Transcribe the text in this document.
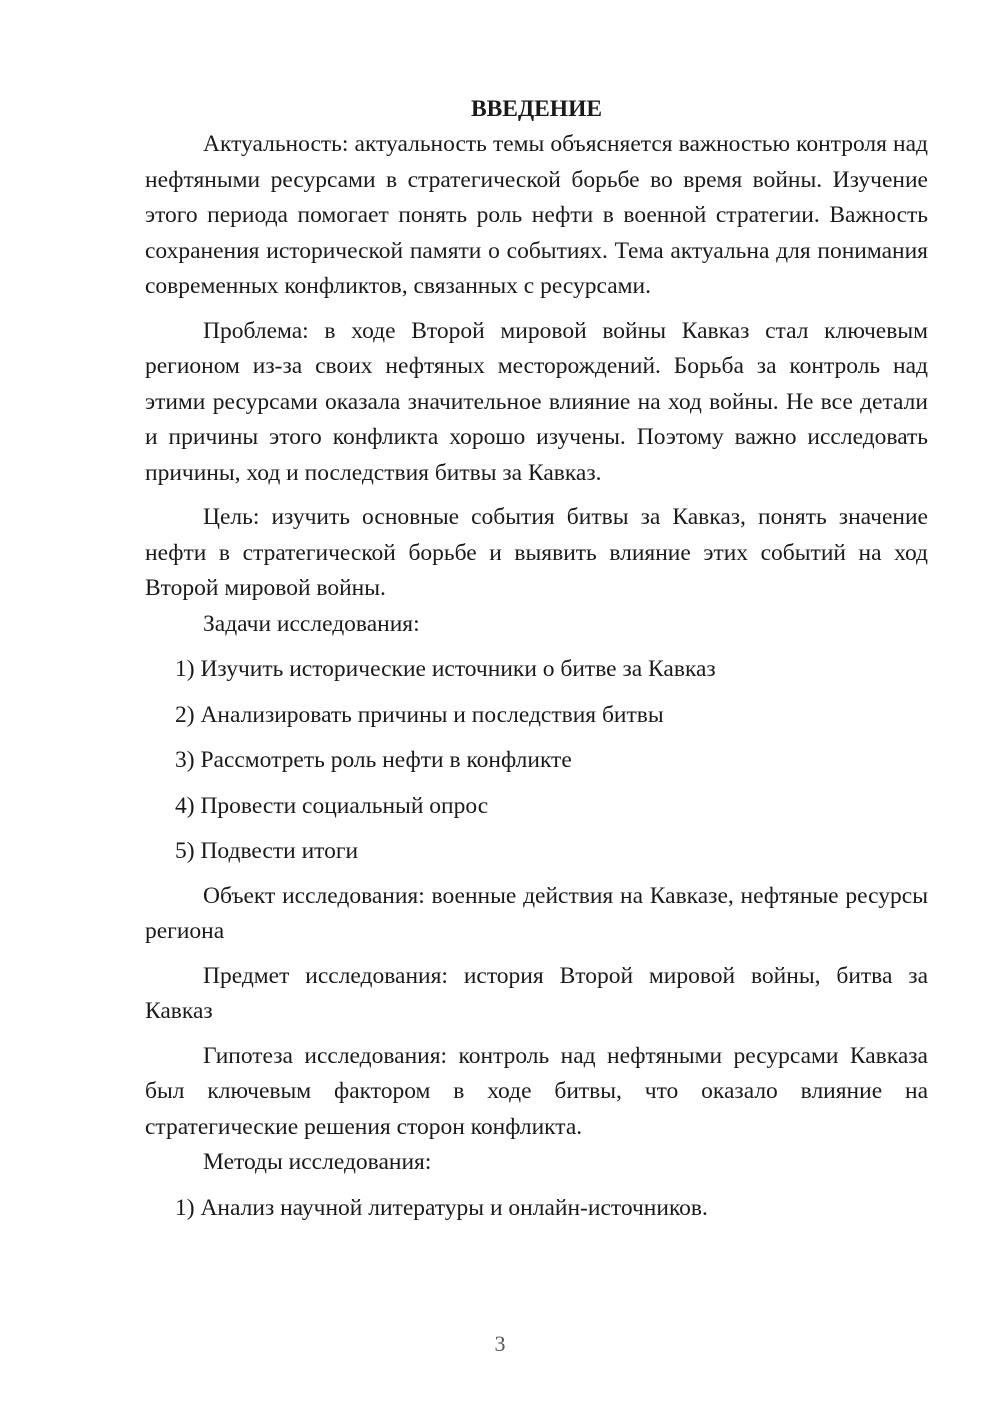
ВВЕДЕНИЕ

Актуальность: актуальность темы объясняется важностью контроля над нефтяными ресурсами в стратегической борьбе во время войны. Изучение этого периода помогает понять роль нефти в военной стратегии. Важность сохранения исторической памяти о событиях. Тема актуальна для понимания современных конфликтов, связанных с ресурсами.

Проблема: в ходе Второй мировой войны Кавказ стал ключевым регионом из-за своих нефтяных месторождений. Борьба за контроль над этими ресурсами оказала значительное влияние на ход войны. Не все детали и причины этого конфликта хорошо изучены. Поэтому важно исследовать причины, ход и последствия битвы за Кавказ.

Цель: изучить основные события битвы за Кавказ, понять значение нефти в стратегической борьбе и выявить влияние этих событий на ход Второй мировой войны.

Задачи исследования:

1) Изучить исторические источники о битве за Кавказ

2) Анализировать причины и последствия битвы

3) Рассмотреть роль нефти в конфликте

4) Провести социальный опрос

5) Подвести итоги

Объект исследования: военные действия на Кавказе, нефтяные ресурсы региона

Предмет исследования: история Второй мировой войны, битва за Кавказ

Гипотеза исследования: контроль над нефтяными ресурсами Кавказа был ключевым фактором в ходе битвы, что оказало влияние на стратегические решения сторон конфликта.

Методы исследования:

1) Анализ научной литературы и онлайн-источников.

3
